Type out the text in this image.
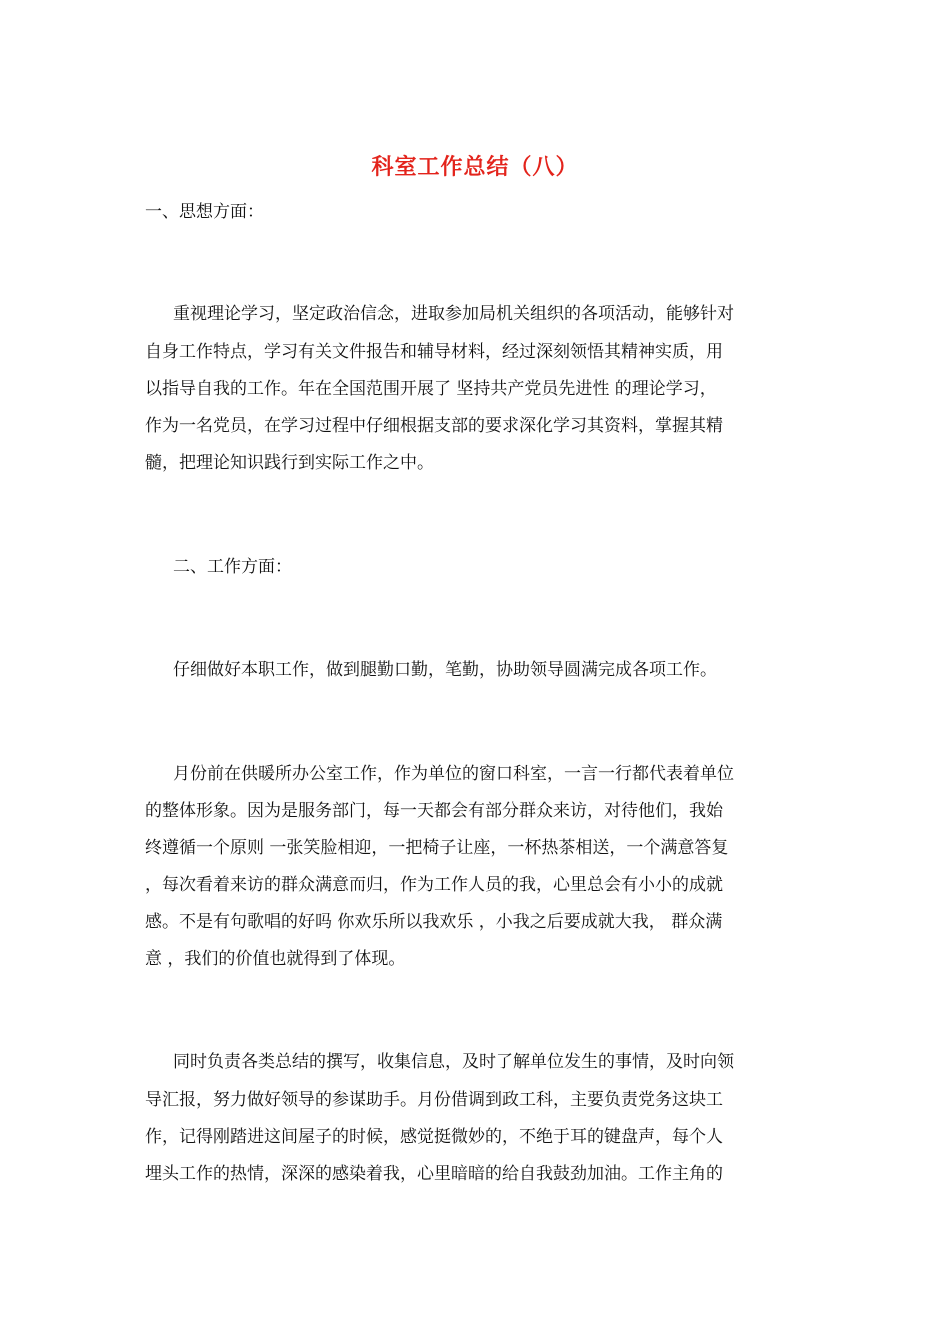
科室工作总结（八）
一、思想方面：
重视理论学习，坚定政治信念，进取参加局机关组织的各项活动，能够针对
自身工作特点，学习有关文件报告和辅导材料，经过深刻领悟其精神实质，用
以指导自我的工作。年在全国范围开展了 坚持共产党员先进性 的理论学习，
作为一名党员，在学习过程中仔细根据支部的要求深化学习其资料，掌握其精
髓，把理论知识践行到实际工作之中。
二、工作方面：
仔细做好本职工作，做到腿勤口勤，笔勤，协助领导圆满完成各项工作。
月份前在供暖所办公室工作，作为单位的窗口科室，一言一行都代表着单位
的整体形象。因为是服务部门，每一天都会有部分群众来访，对待他们，我始
终遵循一个原则 一张笑脸相迎，一把椅子让座，一杯热茶相送，一个满意答复
，每次看着来访的群众满意而归，作为工作人员的我，心里总会有小小的成就
感。不是有句歌唱的好吗 你欢乐所以我欢乐 ，小我之后要成就大我， 群众满
意 ，我们的价值也就得到了体现。
同时负责各类总结的撰写，收集信息，及时了解单位发生的事情，及时向领
导汇报，努力做好领导的参谋助手。月份借调到政工科，主要负责党务这块工
作，记得刚踏进这间屋子的时候，感觉挺微妙的，不绝于耳的键盘声，每个人
埋头工作的热情，深深的感染着我，心里暗暗的给自我鼓劲加油。工作主角的
